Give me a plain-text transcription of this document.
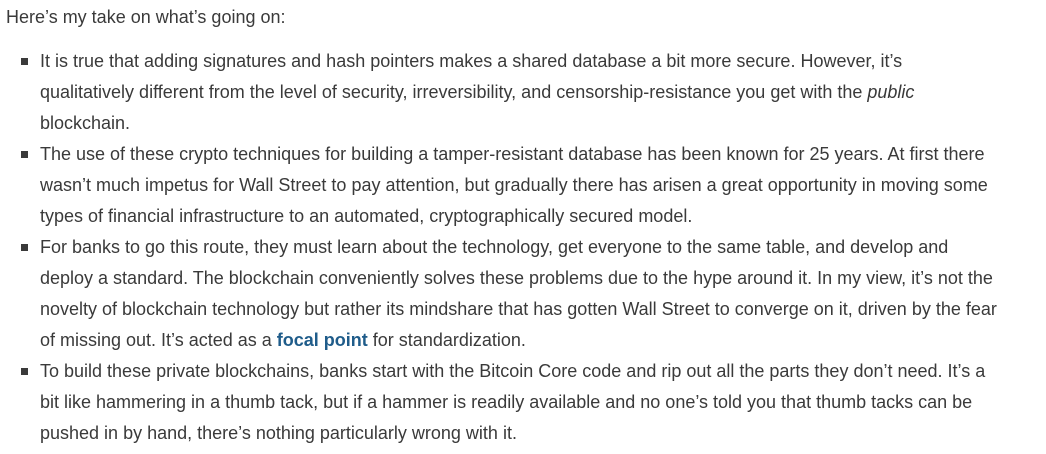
Here’s my take on what’s going on:

It is true that adding signatures and hash pointers makes a shared database a bit more secure. However, it’s
qualitatively different from the level of security, irreversibility, and censorship-resistance you get with the public
blockchain.
The use of these crypto techniques for building a tamper-resistant database has been known for 25 years. At first there
wasn’t much impetus for Wall Street to pay attention, but gradually there has arisen a great opportunity in moving some
types of financial infrastructure to an automated, cryptographically secured model.
For banks to go this route, they must learn about the technology, get everyone to the same table, and develop and
deploy a standard. The blockchain conveniently solves these problems due to the hype around it. In my view, it’s not the
novelty of blockchain technology but rather its mindshare that has gotten Wall Street to converge on it, driven by the fear
of missing out. It’s acted as a focal point for standardization.
To build these private blockchains, banks start with the Bitcoin Core code and rip out all the parts they don’t need. It’s a
bit like hammering in a thumb tack, but if a hammer is readily available and no one’s told you that thumb tacks can be
pushed in by hand, there’s nothing particularly wrong with it.
